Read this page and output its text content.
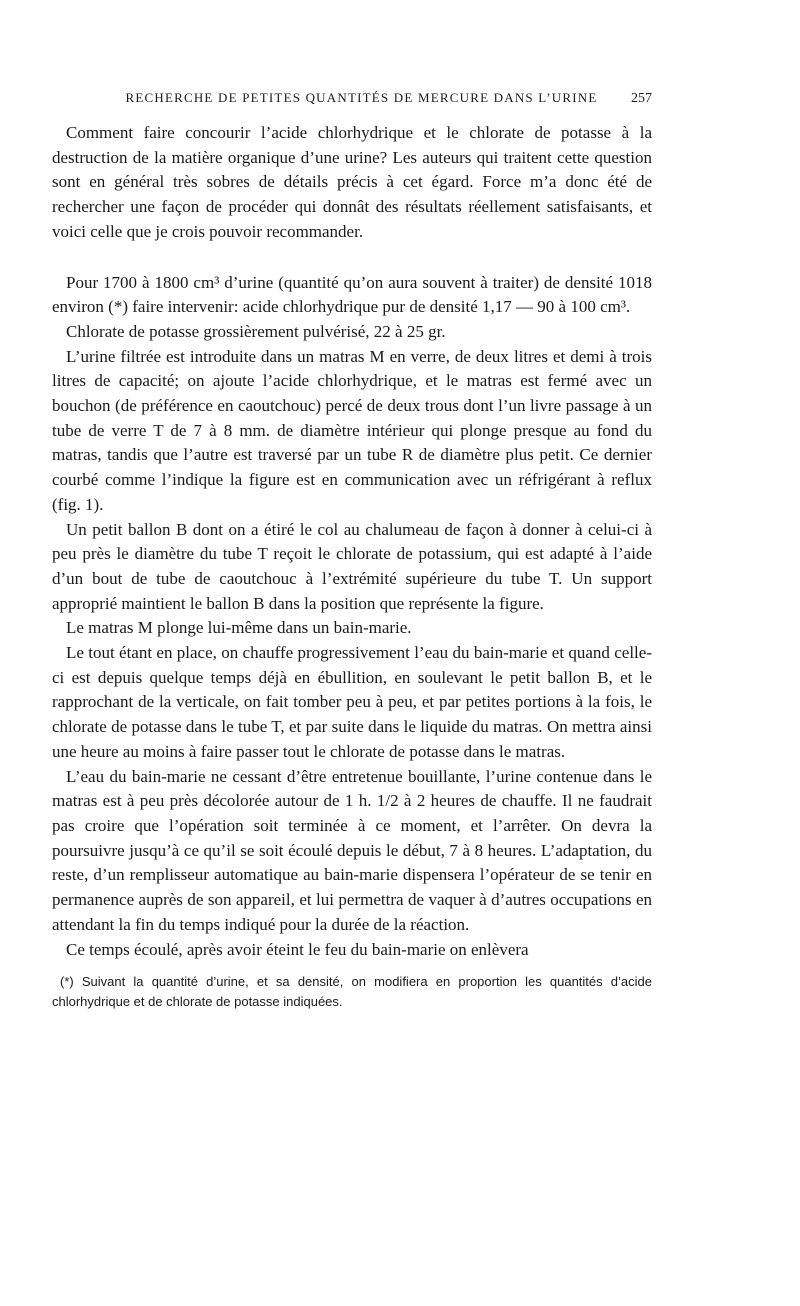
RECHERCHE DE PETITES QUANTITÉS DE MERCURE DANS L’URINE	257

Comment faire concourir l’acide chlorhydrique et le chlorate de potasse à la destruction de la matière organique d’une urine? Les auteurs qui traitent cette question sont en général très sobres de détails précis à cet égard. Force m’a donc été de rechercher une façon de procéder qui donnât des résultats réellement satisfaisants, et voici celle que je crois pouvoir recommander.

Pour 1700 à 1800 cm³ d’urine (quantité qu’on aura souvent à traiter) de densité 1018 environ (*) faire intervenir: acide chlorhydrique pur de densité 1,17 — 90 à 100 cm³.

Chlorate de potasse grossièrement pulvérisé, 22 à 25 gr.

L’urine filtrée est introduite dans un matras M en verre, de deux litres et demi à trois litres de capacité; on ajoute l’acide chlorhydrique, et le matras est fermé avec un bouchon (de préférence en caoutchouc) percé de deux trous dont l’un livre passage à un tube de verre T de 7 à 8 mm. de diamètre intérieur qui plonge presque au fond du matras, tandis que l’autre est traversé par un tube R de diamètre plus petit. Ce dernier courbé comme l’indique la figure est en communication avec un réfrigérant à reflux (fig. 1).

Un petit ballon B dont on a étiré le col au chalumeau de façon à donner à celui-ci à peu près le diamètre du tube T reçoit le chlorate de potassium, qui est adapté à l’aide d’un bout de tube de caoutchouc à l’extrémité supérieure du tube T. Un support approprié maintient le ballon B dans la position que représente la figure.

Le matras M plonge lui-même dans un bain-marie.

Le tout étant en place, on chauffe progressivement l’eau du bain-marie et quand celle-ci est depuis quelque temps déjà en ébullition, en soulevant le petit ballon B, et le rapprochant de la verticale, on fait tomber peu à peu, et par petites portions à la fois, le chlorate de potasse dans le tube T, et par suite dans le liquide du matras. On mettra ainsi une heure au moins à faire passer tout le chlorate de potasse dans le matras.

L’eau du bain-marie ne cessant d’être entretenue bouillante, l’urine contenue dans le matras est à peu près décolorée autour de 1 h. 1/2 à 2 heures de chauffe. Il ne faudrait pas croire que l’opération soit terminée à ce moment, et l’arrêter. On devra la poursuivre jusqu’à ce qu’il se soit écoulé depuis le début, 7 à 8 heures. L’adaptation, du reste, d’un remplisseur automatique au bain-marie dispensera l’opérateur de se tenir en permanence auprès de son appareil, et lui permettra de vaquer à d’autres occupations en attendant la fin du temps indiqué pour la durée de la réaction.

Ce temps écoulé, après avoir éteint le feu du bain-marie on enlèvera

(*) Suivant la quantité d’urine, et sa densité, on modifiera en proportion les quantités d’acide chlorhydrique et de chlorate de potasse indiquées.
